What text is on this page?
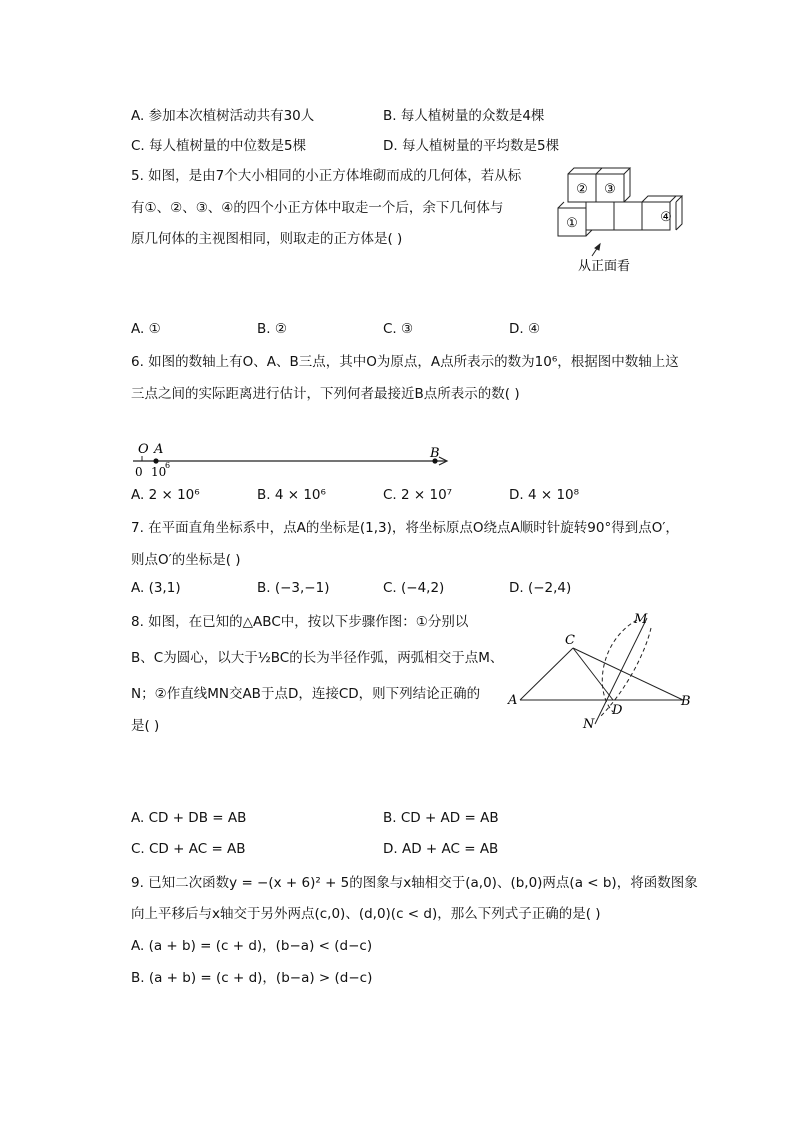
A. 参加本次植树活动共有30人	B. 每人植树量的众数是4棵
C. 每人植树量的中位数是5棵	D. 每人植树量的平均数是5棵
5. 如图，是由7个大小相同的小正方体堆砌而成的几何体，若从标
有①、②、③、④的四个小正方体中取走一个后，余下几何体与
原几何体的主视图相同，则取走的正方体是( )
② ③
①	④
从正面看
A. ①	B. ②	C. ③	D. ④
6. 如图的数轴上有O、A、B三点，其中O为原点，A点所表示的数为10⁶，根据图中数轴上这
三点之间的实际距离进行估计，下列何者最接近B点所表示的数( )
O A	B
0 10
6
A. 2 × 10⁶	B. 4 × 10⁶	C. 2 × 10⁷	D. 4 × 10⁸
7. 在平面直角坐标系中，点A的坐标是(1,3)，将坐标原点O绕点A顺时针旋转90°得到点O′，
则点O′的坐标是( )
A. (3,1)	B. (−3,−1)	C. (−4,2)	D. (−2,4)
8. 如图，在已知的△ABC中，按以下步骤作图：①分别以
B、C为圆心，以大于½BC的长为半径作弧，两弧相交于点M、
N；②作直线MN交AB于点D，连接CD，则下列结论正确的
是( )
C
A	B
D
M
N
A. CD + DB = AB	B. CD + AD = AB
C. CD + AC = AB	D. AD + AC = AB
9. 已知二次函数y = −(x + 6)² + 5的图象与x轴相交于(a,0)、(b,0)两点(a < b)，将函数图象
向上平移后与x轴交于另外两点(c,0)、(d,0)(c < d)，那么下列式子正确的是( )
A. (a + b) = (c + d)，(b−a) < (d−c)
B. (a + b) = (c + d)，(b−a) > (d−c)
